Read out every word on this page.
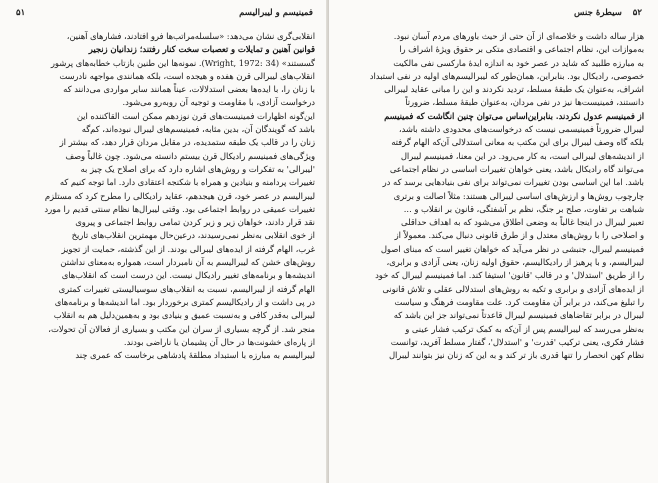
۵۱	فمینیسم و لیبرالیسم
انقلابی‌گری نشان می‌دهد: «سلسله‌مراتب‌ها فرو افتادند، فشارهای آهنین،
قوانین آهنین و تمایلات و تعصبات سخت کنار رفتند؛ زندانیان زنجیر
گسستند» (Wright, 1972: 34). نمونه‌ها این طنین بازتاب خطابه‌های پرشور
انقلاب‌های لیبرالی قرن هفده و هیجده است، بلکه همانندی مواجهه نادرست
با زنان را، با ایده‌ها بعضی استدلالات، عیناً همانند سایر مواردی می‌دانند که
درخواست آزادی، با مقاومت و توجیه آن روبه‌رو می‌شود.
این‌گونه اظهارات فمینیست‌های قرن نوزدهم ممکن است القاکننده این
باشد که گویندگان آن، بدین مثابه، فمینیسم‌های لیبرال نبوده‌اند، کم‌گه
زنان را در قالب یک طبقه ستمدیده، در مقابل مردان قرار دهد، که بیشتر از
ویژگی‌های فمینیسم رادیکال قرن بیستم دانسته می‌شود. چون غالباً وصف
'لیبرالی' به تفکرات و روش‌های اشاره دارد که برای اصلاح یک چیز به
تغییرات پردامنه و بنیادین و همراه با شکنجه اعتقادی دارد. اما توجه کنیم که
لیبرالیسم در عصر خود، قرن هیجدهم، عقاید رادیکالی را مطرح کرد که مستلزم
تغییرات عمیقی در روابط اجتماعی بود. وقتی لیبرال‌ها نظام سنتی قدیم را مورد
نقد قرار دادند، خواهان زیر و زبر کردن تمامی روابط اجتماعی و پیروی
از خوی انقلابی به‌نظر نمی‌رسیدند، درعین‌حال مهمترین انقلاب‌های تاریخ
غرب، الهام گرفته از ایده‌های لیبرالی بودند. از این گذشته، حمایت از تجویز
روش‌های خشن که لیبرالیسم به آن نامبردار است، همواره به‌معنای نداشتن
اندیشه‌ها و برنامه‌های تغییر رادیکال نیست. این درست است که انقلاب‌های
الهام گرفته از لیبرالیسم، نسبت به انقلاب‌های سوسیالیستی تغییرات کمتری
در پی داشت و از رادیکالیسم کمتری برخوردار بود. اما اندیشه‌ها و برنامه‌های
لیبرالی به‌قدر کافی و به‌نسبت عمیق و بنیادی بود و به‌همین‌دلیل هم به انقلاب
منجر شد. از گرچه بسیاری از سران این مکتب و بسیاری از فعالان آن تحولات،
از پاره‌ای خشونت‌ها در حال آن پشیمان یا ناراضی بودند.
لیبرالیسم به مبارزه با استبداد مطلقهٔ پادشاهی برخاست که عمری چند
۵۲
سیطرهٔ جنس
هزار ساله داشت و خلاصه‌ای از آن حتی از حیث باورهای مردم آسان نبود.
به‌موازات این، نظام اجتماعی و اقتصادی متکی بر حقوق ویژهٔ اشراف را
به مبارزه طلبید که شاید در عصر خود به اندازه ایدهٔ مارکسی نفی مالکیت
خصوصی، رادیکال بود. بنابراین، همان‌طور که لیبرالیسم‌های اولیه در نفی استبداد
اشراف، به‌عنوان یک طبقهٔ مسلط، تردید نکردند و این را مبانی عقاید لیبرالی
دانستند، فمینیست‌ها نیز در نفی مردان، به‌عنوان طبقهٔ مسلط، ضرورتاً
از فمینیسم عدول نکردند. بنابراین‌اساس می‌توان چنین انگاشت که فمینیسم
لیبرال ضرورتاً فمینیسمی نیست که درخواست‌های محدودی داشته باشد،
بلکه گاه وصف لیبرال برای این مکتب به معانی استدلالی آن‌که الهام گرفته
از اندیشه‌های لیبرالی است، به کار می‌رود. در این معنا، فمینیسم لیبرال
می‌تواند گاه رادیکال باشد، یعنی خواهان تغییرات اساسی در نظام اجتماعی
باشد. اما این اساسی بودن تغییرات نمی‌تواند برای نفی بنیادهایی برسد که در
چارچوب روش‌ها و ارزش‌های اساسی لیبرالی هستند: مثلاً اصالت و برتری
شباهت بر تفاوت، صلح بر جنگ، نظم بر آشفتگی، قانون بر انقلاب و ...
تعبیر لیبرال در اینجا غالباً به وضعی اطلاق می‌شود که به اهداف حداقلی
و اصلاحی را با روش‌های معتدل و از طرق قانونی دنبال می‌کند. معمولاً از
فمینیسم لیبرال، جنبشی در نظر می‌آید که خواهان تغییر است که مبنای اصول
لیبرالیسم، و با پرهیز از رادیکالیسم، حقوق اولیه زنان، یعنی آزادی و برابری،
را از طریق 'استدلال' و در قالب 'قانون' استیفا کند. اما فمینیسم لیبرال که خود
از ایده‌های آزادی و برابری و تکیه به روش‌های استدلالی عقلی و تلاش قانونی
را تبلیغ می‌کند، در برابر آن مقاومت کرد. علت مقاومت فرهنگ و سیاست
لیبرال در برابر تقاضاهای فمینیسم لیبرال قاعدتاً نمی‌تواند جز این باشد که
به‌نظر می‌رسد که لیبرالیسم پس از آن‌که به کمک ترکیب فشار عینی و
فشار فکری، یعنی ترکیب 'قدرت' و 'استدلال'، گفتار مسلط آفرید، توانست
نظام کهن انحصار را تنها قدری باز تر کند و به این که زنان نیز بتوانند لیبرال
